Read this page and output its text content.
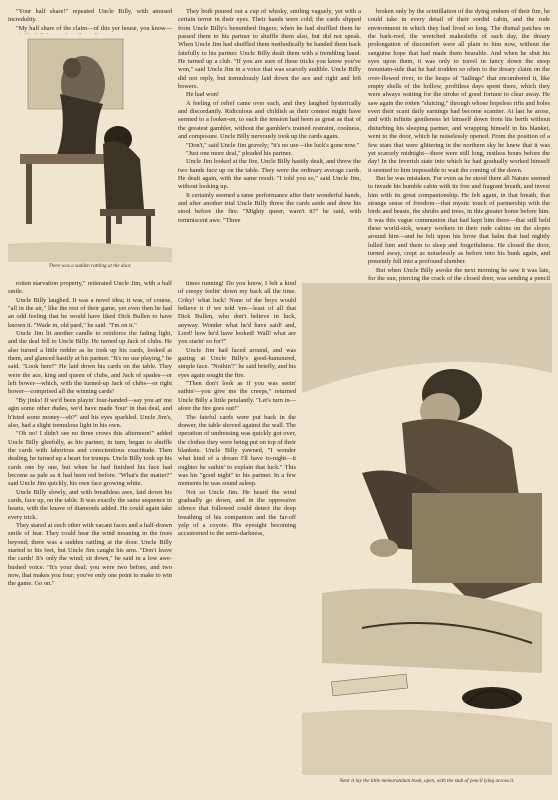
"Your half share!" repeated Uncle Billy, with amused incredulity.

"My half share of the claim—of this yer house, you know—

There was a sudden rattling at the door.

They both poured out a cup of whisky, smiling vaguely, yet with a certain terror in their eyes. Their hands were cold; the cards slipped from Uncle Billy's benumbed fingers; when he had shuffled them he passed them to his partner to shuffle them also, but did not speak. When Uncle Jim had shuffled them methodically he handed them back fatefully to his partner. Uncle Billy dealt them with a trembling hand. He turned up a club. "If you are sure of these tricks you know you've won," said Uncle Jim in a voice that was scarcely audible. Uncle Billy did not reply, but tremulously laid down the ace and right and left bowers.

He had won!

A feeling of relief came over each, and they laughed hysterically and discordantly. Ridiculous and childish as their contest might have seemed to a looker-on, to each the tension had been as great as that of the greatest gambler, without the gambler's trained restraint, coolness, and composure. Uncle Billy nervously took up the cards again.

"Don't," said Uncle Jim gravely; "it's no use—the luck's gone now."

"Just one more deal," pleaded his partner.

Uncle Jim looked at the fire, Uncle Billy hastily dealt, and threw the two hands face up on the table. They were the ordinary average cards. He dealt again, with the same result. "I told you so," said Uncle Jim, without looking up.

It certainly seemed a tame performance after their wonderful hands, and after another trial Uncle Billy threw the cards aside and drew his stool before the fire. "Mighty queer, warn't it?" he said, with reminiscent awe. "Three

broken only by the scintillation of the dying embers of their fire, he could take in every detail of their sordid cabin, and the rude environment in which they had lived so long. The dismal patches on the bark-roof, the wretched makeshifts of each day, the dreary prolongation of discomfort were all plain to him now, without the sanguine hope that had made them bearable. And when he shut his eyes upon them, it was only to travel in fancy down the steep mountain-side that he had trodden so often to the dreary claim on the over-flowed river, to the heaps of "tailings" that encumbered it, like empty shells of the hollow, profitless days spent there, which they were always waiting for the stroke of good fortune to clear away. He saw again the rotten "sluicing," through whose hopeless rifts and holes even their scant daily earnings had become scantier. At last he arose, and with infinite gentleness let himself down from his berth without disturbing his sleeping partner, and wrapping himself in his blanket, went to the door, which he noiselessly opened. From the position of a few stars that were glittering in the northern sky he knew that it was yet scarcely midnight—there were still long, restless hours before the day! In the feverish state into which he had gradually worked himself it seemed to him impossible to wait the coming of the dawn.

But he was mistaken. For even as he stood there all Nature seemed to invade his humble cabin with its free and fragrant breath, and invest him with its great companionship. He felt again, in that breath, that strange sense of freedom—that mystic touch of partnership with the birds and beasts, the shrubs and trees, in this greater home before him. It was this vague communion that had kept him there—that still held these world-sick, weary workers in their rude cabins on the slopes around him—and he felt upon his brow that balm that had nightly lulled him and them to sleep and forgetfulness. He closed the door, turned away, crept as noiselessly as before into his bunk again, and presently fell into a profound slumber.

But when Uncle Billy awoke the next morning he saw it was late, for the sun, piercing the crack of the closed door, was sending a pencil

rotten starvation property," reiterated Uncle Jim, with a half smile.

Uncle Billy laughed. It was a novel idea; it was, of course, "all in the air," like the rest of their game, yet even then he had an odd feeling that he would have liked Dick Bullen to have known it. "Wade in, old pard," he said. "I'm on it."

Uncle Jim lit another candle to reinforce the fading light, and the deal fell to Uncle Billy. He turned up Jack of clubs. He also turned a little redder as he took up his cards, looked at them, and glanced hastily at his partner. "It's no use playing," he said. "Look here!" He laid down his cards on the table. They were the ace, king and queen of clubs, and Jack of spades—or left bower—which, with the turned-up Jack of clubs—or right bower—comprised all the winning cards!

"By jinks! If we'd been playin' four-handed—say you an' me agin some other dudes, we'd have made 'four' in that deal, and h'isted some money—eh?" and his eyes sparkled. Uncle Jim's, also, had a slight tremulous light in his own.

"Oh no! I didn't see no three crows this afternoon!" added Uncle Billy gleefully, as his partner, in turn, began to shuffle the cards with laborious and conscientious exactitude. Then dealing, he turned up a heart for trumps. Uncle Billy took up his cards one by one, but when he had finished his face had become as pale as it had been red before. "What's the matter?" said Uncle Jim quickly, his own face growing white.

Uncle Billy slowly, and with breathless awe, laid down his cards, face up, on the table. It was exactly the same sequence in hearts, with the knave of diamonds added. He could again take every trick.

They stared at each other with vacant faces and a half-drawn smile of fear. They could hear the wind moaning in the trees beyond; there was a sudden rattling at the door. Uncle Billy started to his feet, but Uncle Jim caught his arm. "Don't leave the cards! It's only the wind; sit down," he said in a low awe-hushed voice. "It's your deal; you were two before, and two now, that makes you four; you've only one point to make to win the game. Go on."

times running! Do you know, I felt a kind of creepy feelin' down my back all the time. Criky! what luck! None of the boys would believe it if we told 'em—least of all that Dick Bullen, who don't believe in luck, anyway. Wonder what he'd have said! and, Lord! how he'd have looked! Wall! what are you starin' so for?"

Uncle Jim had faced around, and was gazing at Uncle Billy's good-humoured, simple face. "Nothin'!" he said briefly, and his eyes again sought the fire.

"Then don't look as if you was seein' suthin'—you give me the creeps," returned Uncle Billy a little petulantly. "Let's turn in—afore the fire goes out!"

The fateful cards were put back in the drawer, the table shoved against the wall. The operation of undressing was quickly got over, the clothes they were being put on top of their blankets. Uncle Billy yawned, "I wonder what kind of a dream I'll have to-night—it oughter be suthin' to explain that luck." This was his "good night" to his partner. In a few moments he was sound asleep.

Not so Uncle Jim. He heard the wind gradually go down, and in the oppressive silence that followed could detect the deep breathing of his companion and the far-off yelp of a coyote. His eyesight becoming accustomed to the semi-darkness,

Near it lay the little memorandum book, open, with the stub of pencil lying across it.
